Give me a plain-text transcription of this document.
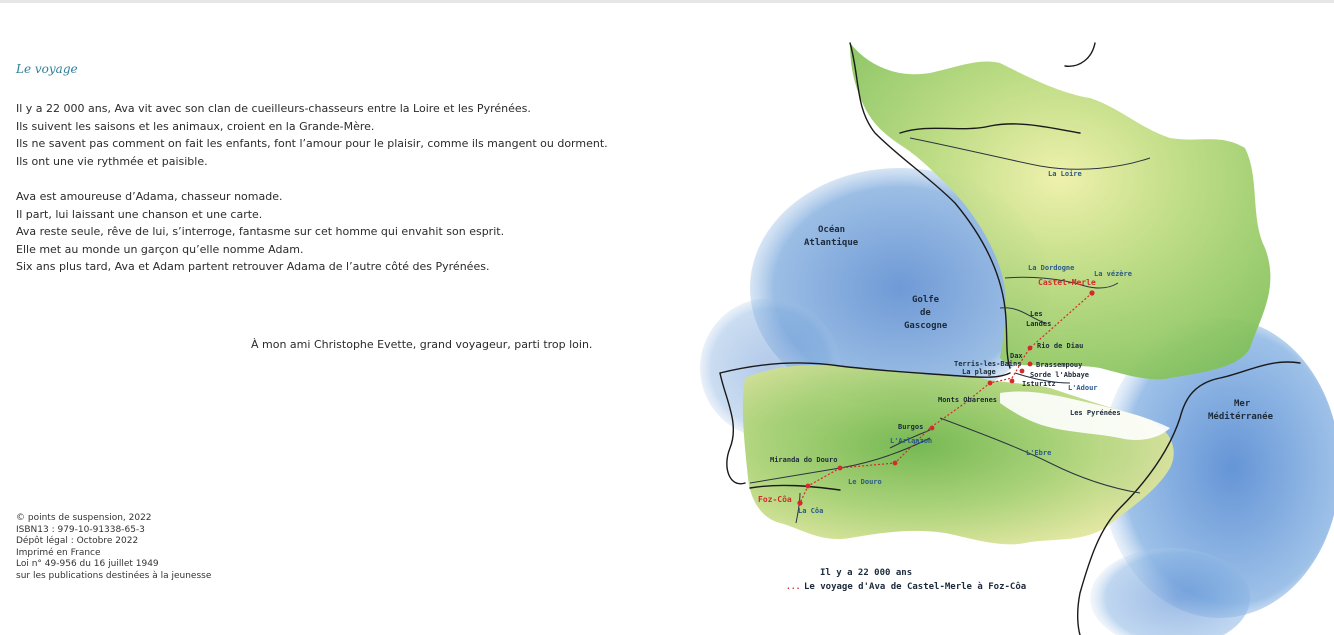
Le voyage
Il y a 22 000 ans, Ava vit avec son clan de cueilleurs-chasseurs entre la Loire et les Pyrénées.
Ils suivent les saisons et les animaux, croient en la Grande-Mère.
Ils ne savent pas comment on fait les enfants, font l’amour pour le plaisir, comme ils mangent ou dorment.
Ils ont une vie rythmée et paisible.
Ava est amoureuse d’Adama, chasseur nomade.
Il part, lui laissant une chanson et une carte.
Ava reste seule, rêve de lui, s’interroge, fantasme sur cet homme qui envahit son esprit.
Elle met au monde un garçon qu’elle nomme Adam.
Six ans plus tard, Ava et Adam partent retrouver Adama de l’autre côté des Pyrénées.
À mon ami Christophe Evette, grand voyageur, parti trop loin.
© points de suspension, 2022
ISBN13 : 979-10-91338-65-3
Dépôt légal : Octobre 2022
Imprimé en France
Loi n° 49-956 du 16 juillet 1949
sur les publications destinées à la jeunesse
Océan
Atlantique
Golfe
de
Gascogne
Mer
Méditérranée
La Loire
La Dordogne
La vézère
L'Adour
L'Ebre
L'Arlanzon
Le Douro
La Côa
Les
Landes
Les Pyrénées
Monts Obarenes
Castel-Merle
Foz-Côa
Rio de Diau
Brassempouy
Sorde l'Abbaye
Isturitz
Terris-les-Bains
La plage
Dax
Burgos
Miranda do Douro
Il y a 22 000 ans
... Le voyage d'Ava de Castel-Merle à Foz-Côa
